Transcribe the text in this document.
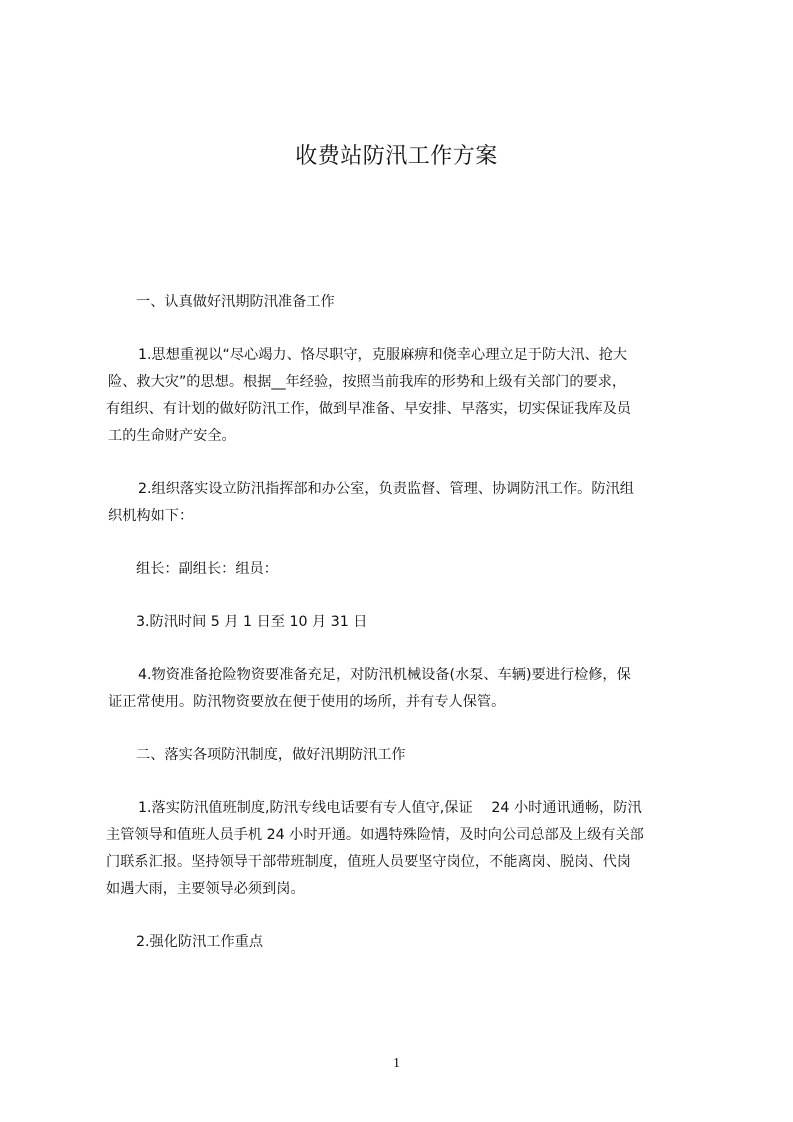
收费站防汛工作方案
一、认真做好汛期防汛准备工作
1.思想重视以“尽心竭力、恪尽职守，克服麻痹和侥幸心理立足于防大汛、抢大
险、救大灾”的思想。根据__年经验，按照当前我库的形势和上级有关部门的要求，
有组织、有计划的做好防汛工作，做到早准备、早安排、早落实，切实保证我库及员
工的生命财产安全。
2.组织落实设立防汛指挥部和办公室，负责监督、管理、协调防汛工作。防汛组
织机构如下：
组长：副组长：组员：
3.防汛时间 5 月 1 日至 10 月 31 日
4.物资准备抢险物资要准备充足，对防汛机械设备(水泵、车辆)要进行检修，保
证正常使用。防汛物资要放在便于使用的场所，并有专人保管。
二、落实各项防汛制度，做好汛期防汛工作
1.落实防汛值班制度,防汛专线电话要有专人值守,保证　 24 小时通讯通畅，防汛
主管领导和值班人员手机 24 小时开通。如遇特殊险情，及时向公司总部及上级有关部
门联系汇报。坚持领导干部带班制度，值班人员要坚守岗位，不能离岗、脱岗、代岗
如遇大雨，主要领导必须到岗。
2.强化防汛工作重点
1
